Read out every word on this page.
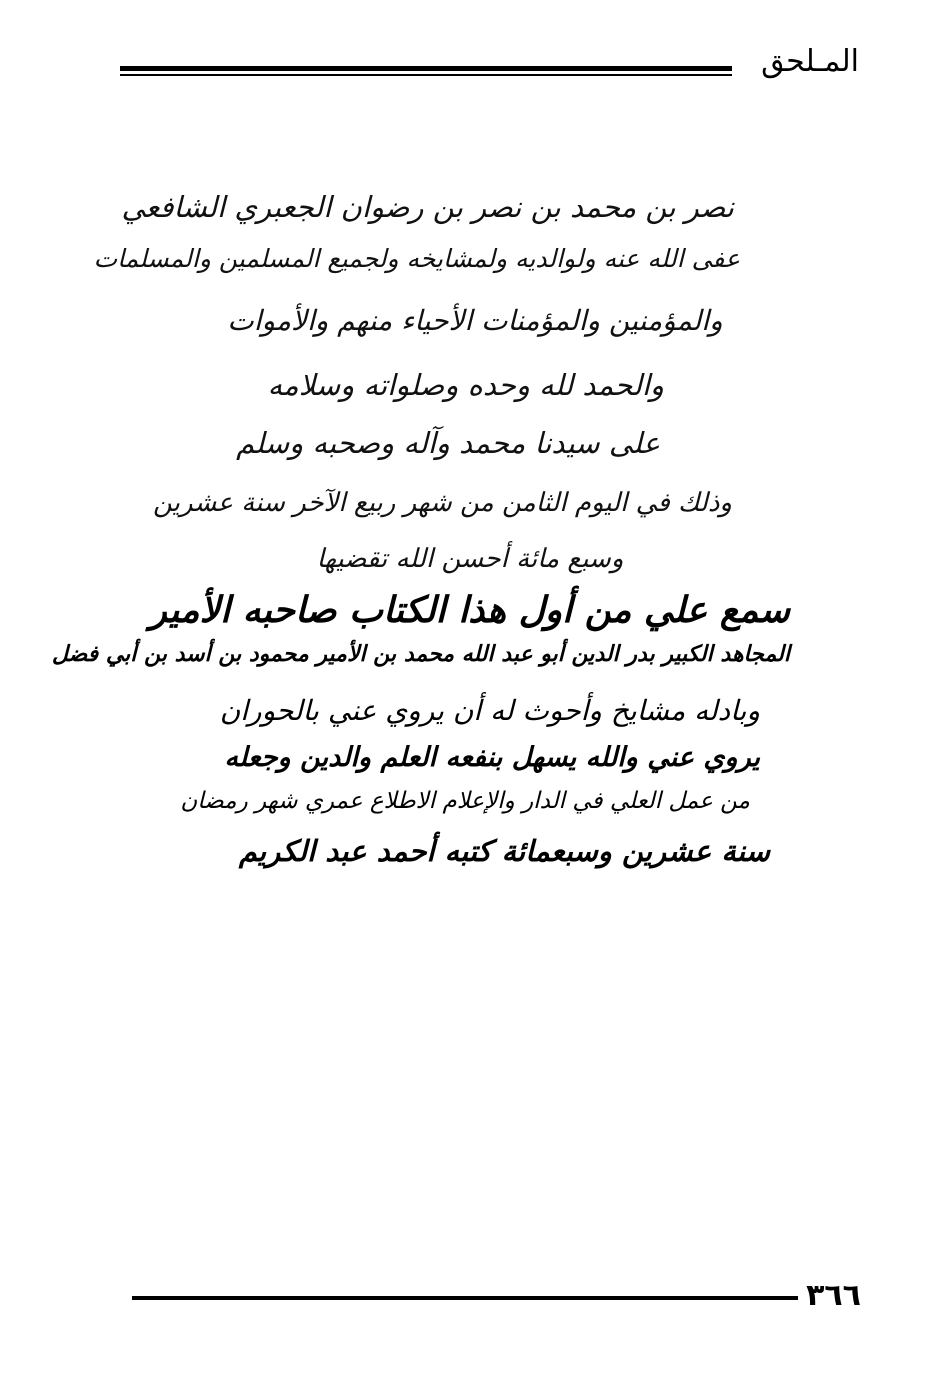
المـلحق
نصر بن محمد بن نصر بن رضوان الجعبري الشافعي
عفى الله عنه ولوالديه ولمشايخه ولجميع المسلمين والمسلمات
والمؤمنين والمؤمنات الأحياء منهم والأموات
والحمد لله وحده وصلواته وسلامه
على سيدنا محمد وآله وصحبه وسلم
وذلك في اليوم الثامن من شهر ربيع الآخر سنة عشرين
وسبع مائة أحسن الله تقضيها
سمع علي من أول هذا الكتاب صاحبه الأمير
المجاهد الكبير بدر الدين أبو عبد الله محمد بن الأمير محمود بن أسد بن أبي فضل
وبادله مشايخ وأحوث له أن يروي عني بالحوران
يروي عني والله يسهل بنفعه العلم والدين وجعله
من عمل العلي في الدار والإعلام الاطلاع عمري شهر رمضان
سنة عشرين وسبعمائة كتبه أحمد عبد الكريم
٣٦٦
